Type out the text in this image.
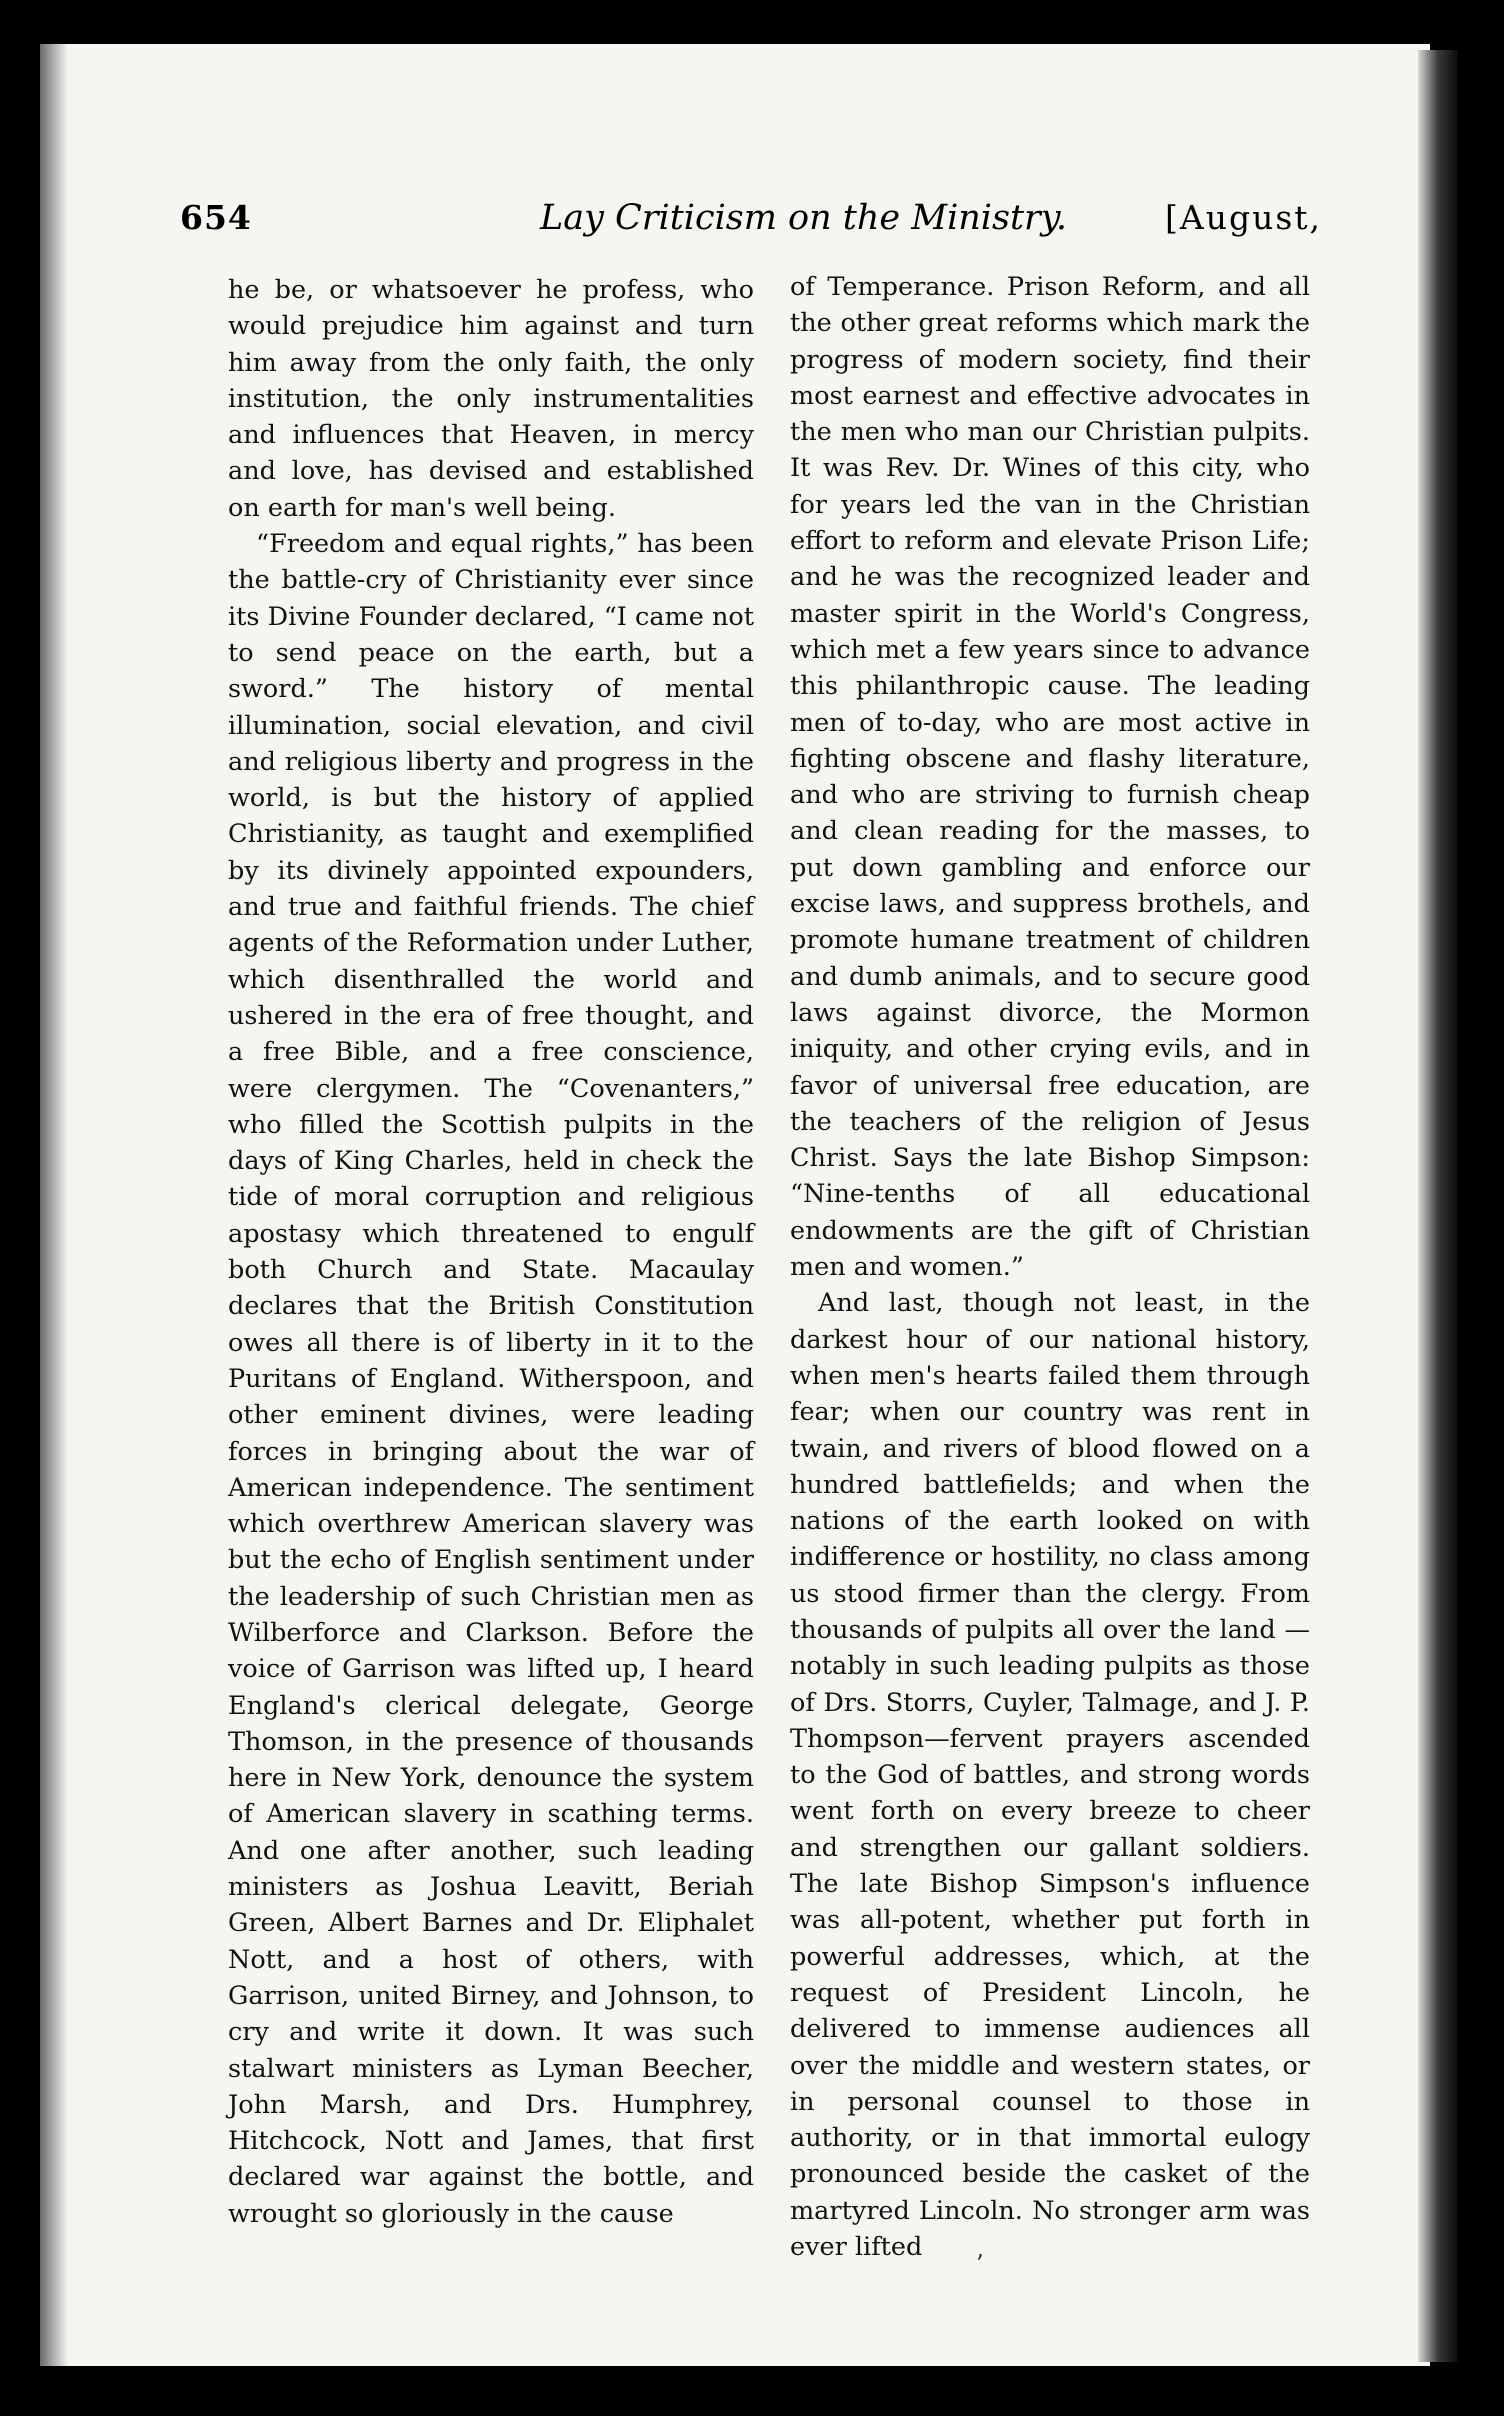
654	Lay Criticism on the Ministry.	[August,

he be, or whatsoever he profess, who would prejudice him against and turn him away from the only faith, the only institution, the only instrumentalities and influences that Heaven, in mercy and love, has devised and established on earth for man's well being.

“Freedom and equal rights,” has been the battle-cry of Christianity ever since its Divine Founder declared, “I came not to send peace on the earth, but a sword.” The history of mental illumination, social elevation, and civil and religious liberty and progress in the world, is but the history of applied Christianity, as taught and exemplified by its divinely appointed expounders, and true and faithful friends. The chief agents of the Reformation under Luther, which disenthralled the world and ushered in the era of free thought, and a free Bible, and a free conscience, were clergymen. The “Covenanters,” who filled the Scottish pulpits in the days of King Charles, held in check the tide of moral corruption and religious apostasy which threatened to engulf both Church and State. Macaulay declares that the British Constitution owes all there is of liberty in it to the Puritans of England. Witherspoon, and other eminent divines, were leading forces in bringing about the war of American independence. The sentiment which overthrew American slavery was but the echo of English sentiment under the leadership of such Christian men as Wilberforce and Clarkson. Before the voice of Garrison was lifted up, I heard England's clerical delegate, George Thomson, in the presence of thousands here in New York, denounce the system of American slavery in scathing terms. And one after another, such leading ministers as Joshua Leavitt, Beriah Green, Albert Barnes and Dr. Eliphalet Nott, and a host of others, with Garrison, united Birney, and Johnson, to cry and write it down. It was such stalwart ministers as Lyman Beecher, John Marsh, and Drs. Humphrey, Hitchcock, Nott and James, that first declared war against the bottle, and wrought so gloriously in the cause

of Temperance. Prison Reform, and all the other great reforms which mark the progress of modern society, find their most earnest and effective advocates in the men who man our Christian pulpits. It was Rev. Dr. Wines of this city, who for years led the van in the Christian effort to reform and elevate Prison Life; and he was the recognized leader and master spirit in the World's Congress, which met a few years since to advance this philanthropic cause. The leading men of to-day, who are most active in fighting obscene and flashy literature, and who are striving to furnish cheap and clean reading for the masses, to put down gambling and enforce our excise laws, and suppress brothels, and promote humane treatment of children and dumb animals, and to secure good laws against divorce, the Mormon iniquity, and other crying evils, and in favor of universal free education, are the teachers of the religion of Jesus Christ. Says the late Bishop Simpson: “Nine-tenths of all educational endowments are the gift of Christian men and women.”

And last, though not least, in the darkest hour of our national history, when men's hearts failed them through fear; when our country was rent in twain, and rivers of blood flowed on a hundred battlefields; and when the nations of the earth looked on with indifference or hostility, no class among us stood firmer than the clergy. From thousands of pulpits all over the land —notably in such leading pulpits as those of Drs. Storrs, Cuyler, Talmage, and J. P. Thompson—fervent prayers ascended to the God of battles, and strong words went forth on every breeze to cheer and strengthen our gallant soldiers. The late Bishop Simpson's influence was all-potent, whether put forth in powerful addresses, which, at the request of President Lincoln, he delivered to immense audiences all over the middle and western states, or in personal counsel to those in authority, or in that immortal eulogy pronounced beside the casket of the martyred Lincoln. No stronger arm was ever lifted

’
